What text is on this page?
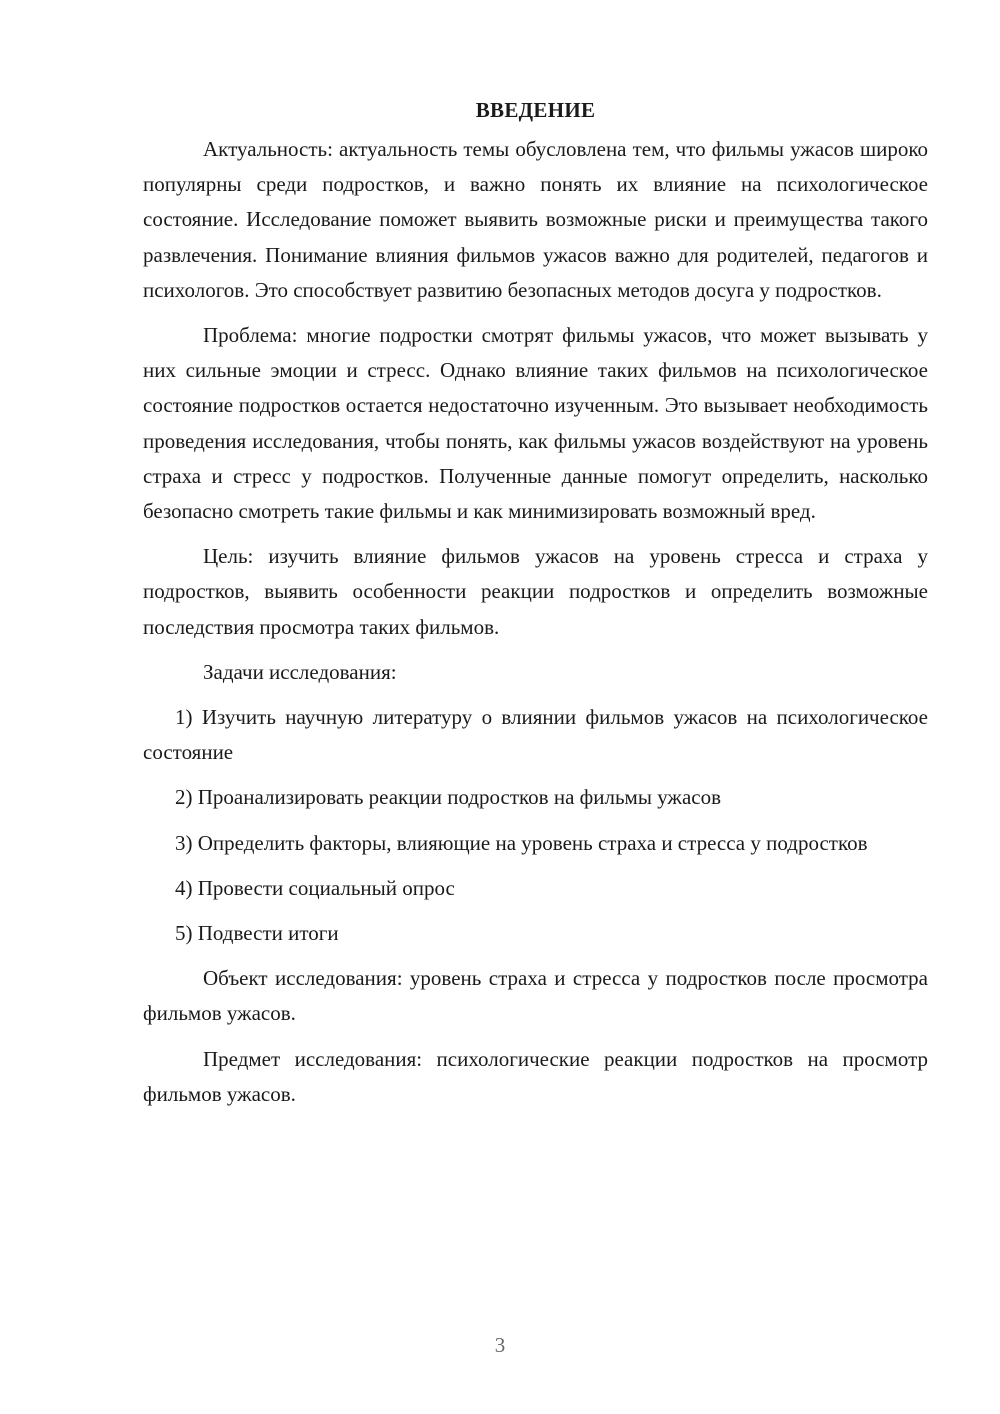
ВВЕДЕНИЕ

Актуальность: актуальность темы обусловлена тем, что фильмы ужасов широко популярны среди подростков, и важно понять их влияние на психологическое состояние. Исследование поможет выявить возможные риски и преимущества такого развлечения. Понимание влияния фильмов ужасов важно для родителей, педагогов и психологов. Это способствует развитию безопасных методов досуга у подростков.

Проблема: многие подростки смотрят фильмы ужасов, что может вызывать у них сильные эмоции и стресс. Однако влияние таких фильмов на психологическое состояние подростков остается недостаточно изученным. Это вызывает необходимость проведения исследования, чтобы понять, как фильмы ужасов воздействуют на уровень страха и стресс у подростков. Полученные данные помогут определить, насколько безопасно смотреть такие фильмы и как минимизировать возможный вред.

Цель: изучить влияние фильмов ужасов на уровень стресса и страха у подростков, выявить особенности реакции подростков и определить возможные последствия просмотра таких фильмов.

Задачи исследования:

1) Изучить научную литературу о влиянии фильмов ужасов на психологическое состояние

2) Проанализировать реакции подростков на фильмы ужасов

3) Определить факторы, влияющие на уровень страха и стресса у подростков

4) Провести социальный опрос

5) Подвести итоги

Объект исследования: уровень страха и стресса у подростков после просмотра фильмов ужасов.

Предмет исследования: психологические реакции подростков на просмотр фильмов ужасов.

3
